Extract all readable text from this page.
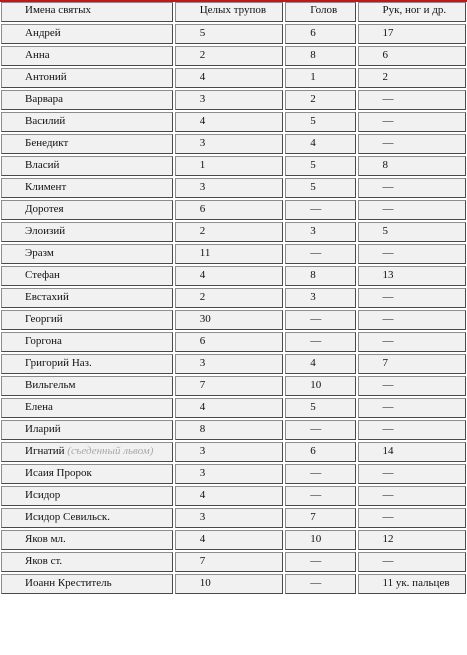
Имена святых	Целых трупов	Голов	Рук, ног и др.
Андрей	5	6	17
Анна	2	8	6
Антоний	4	1	2
Варвара	3	2	—
Василий	4	5	—
Бенедикт	3	4	—
Власий	1	5	8
Климент	3	5	—
Доротея	6	—	—
Элоизий	2	3	5
Эразм	11	—	—
Стефан	4	8	13
Евстахий	2	3	—
Георгий	30	—	—
Горгона	6	—	—
Григорий Наз.	3	4	7
Вильгельм	7	10	—
Елена	4	5	—
Иларий	8	—	—
Игнатий (съеденный львом)	3	6	14
Исаия Пророк	3	—	—
Исидор	4	—	—
Исидор Севильск.	3	7	—
Яков мл.	4	10	12
Яков ст.	7	—	—
Иоанн Креститель	10	—	11 ук. пальцев
